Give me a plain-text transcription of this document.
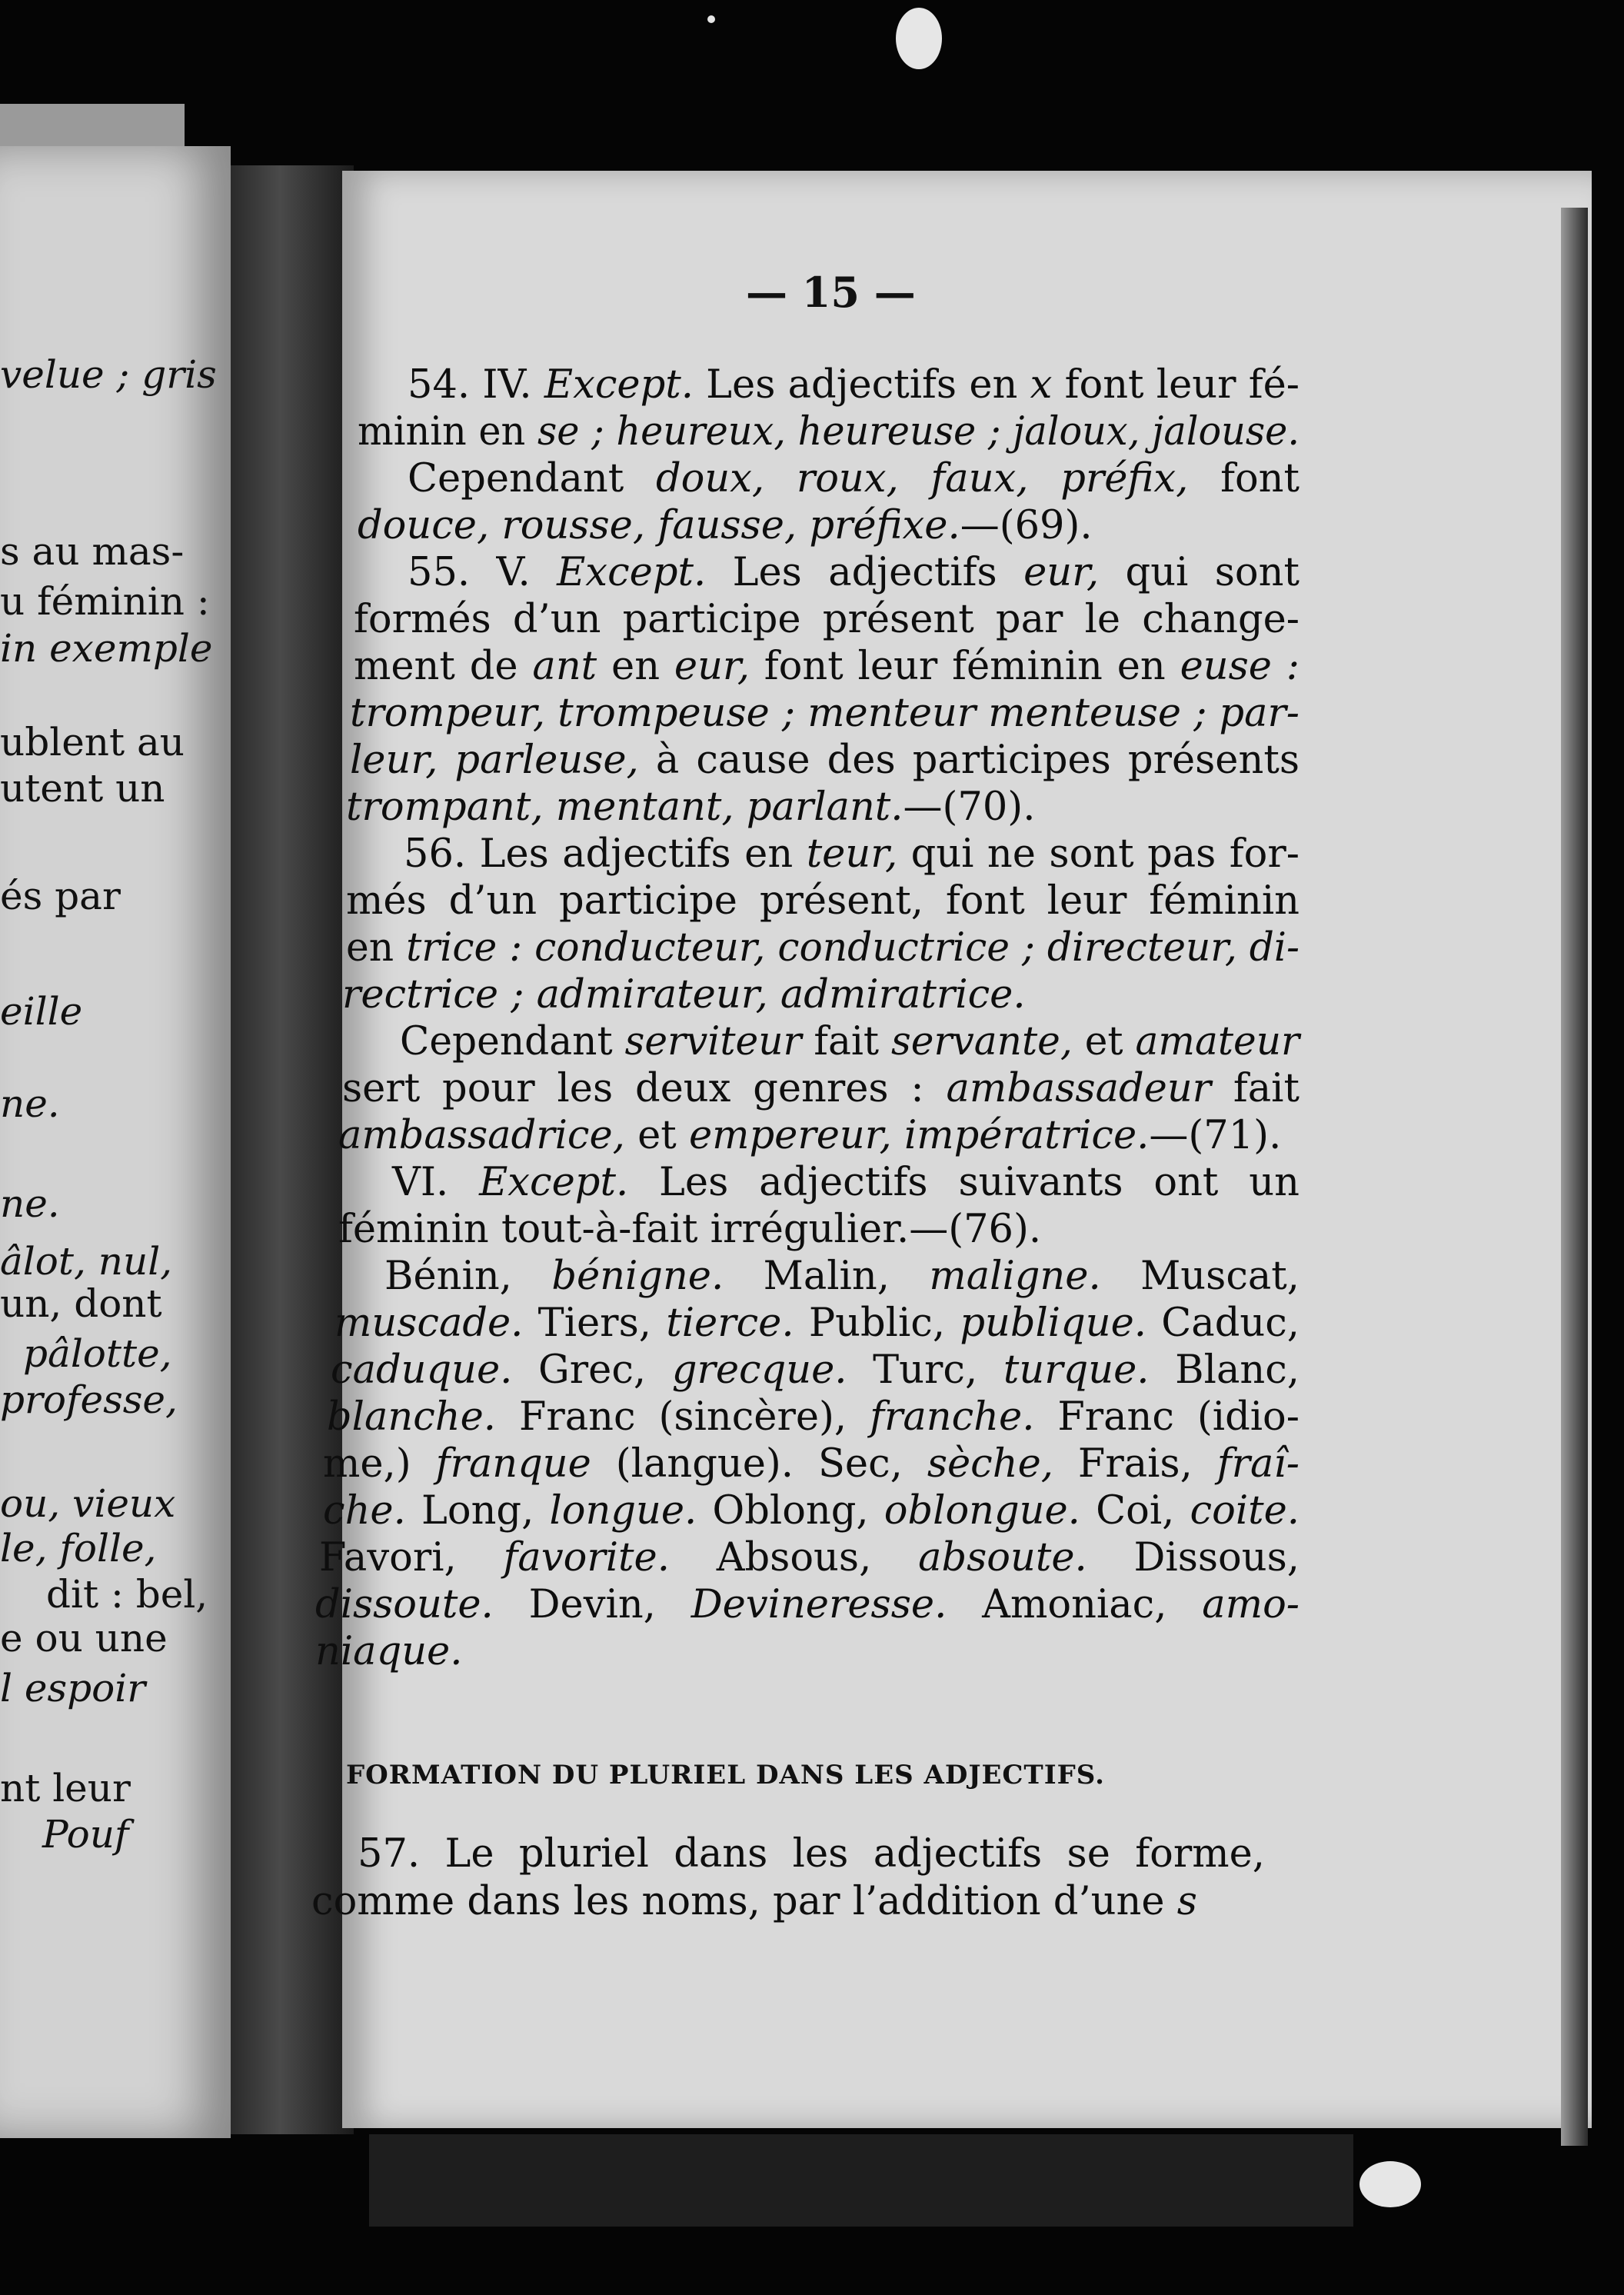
velue ; gris
s au mas-
u féminin :
in exemple
ublent au
utent un
és par
eille
ne.
ne.
âlot, nul,
un, dont
pâlotte,
professe,
ou, vieux
le, folle,
dit : bel,
e ou une
l espoir
nt leur
Pouf
— 15 —
54. IV. Except. Les adjectifs en x font leur fé-
minin en se ; heureux, heureuse ; jaloux, jalouse.
Cependant doux, roux, faux, préfix, font
douce, rousse, fausse, préfixe.—(69).
55. V. Except. Les adjectifs eur, qui sont
formés d’un participe présent par le change-
ment de ant en eur, font leur féminin en euse :
trompeur, trompeuse ; menteur menteuse ; par-
leur, parleuse, à cause des participes présents
trompant, mentant, parlant.—(70).
56. Les adjectifs en teur, qui ne sont pas for-
més d’un participe présent, font leur féminin
en trice : conducteur, conductrice ; directeur, di-
rectrice ; admirateur, admiratrice.
Cependant serviteur fait servante, et amateur
sert pour les deux genres : ambassadeur fait
ambassadrice, et empereur, impératrice.—(71).
VI. Except. Les adjectifs suivants ont un
féminin tout-à-fait irrégulier.—(76).
Bénin, bénigne. Malin, maligne. Muscat,
muscade. Tiers, tierce. Public, publique. Caduc,
caduque. Grec, grecque. Turc, turque. Blanc,
blanche. Franc (sincère), franche. Franc (idio-
me,) franque (langue). Sec, sèche, Frais, fraî-
che. Long, longue. Oblong, oblongue. Coi, coite.
Favori, favorite. Absous, absoute. Dissous,
dissoute. Devin, Devineresse. Amoniac, amo-
niaque.
FORMATION DU PLURIEL DANS LES ADJECTIFS.
57. Le pluriel dans les adjectifs se forme,
comme dans les noms, par l’addition d’une s
